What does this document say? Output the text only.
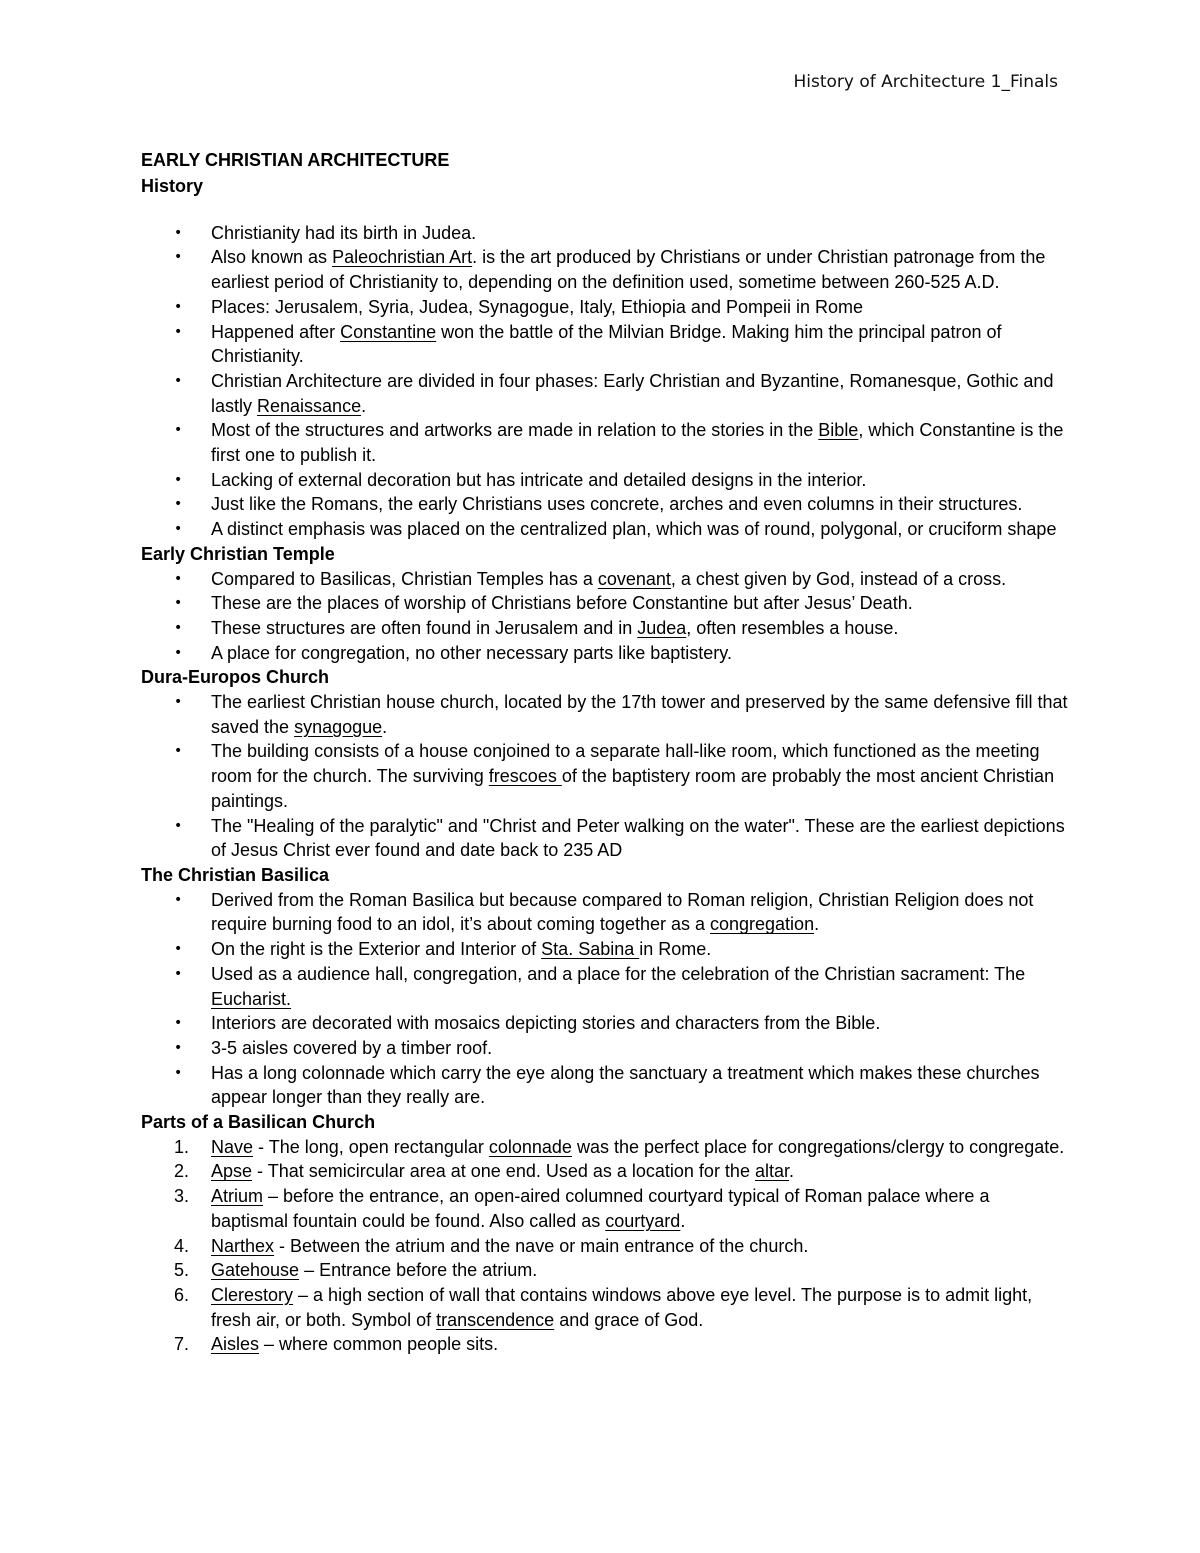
History of Architecture 1_Finals

EARLY CHRISTIAN ARCHITECTURE

History

• Christianity had its birth in Judea.
• Also known as Paleochristian Art. is the art produced by Christians or under Christian patronage from the earliest period of Christianity to, depending on the definition used, sometime between 260-525 A.D.
• Places: Jerusalem, Syria, Judea, Synagogue, Italy, Ethiopia and Pompeii in Rome
• Happened after Constantine won the battle of the Milvian Bridge. Making him the principal patron of Christianity.
• Christian Architecture are divided in four phases: Early Christian and Byzantine, Romanesque, Gothic and lastly Renaissance.
• Most of the structures and artworks are made in relation to the stories in the Bible, which Constantine is the first one to publish it.
• Lacking of external decoration but has intricate and detailed designs in the interior.
• Just like the Romans, the early Christians uses concrete, arches and even columns in their structures.
• A distinct emphasis was placed on the centralized plan, which was of round, polygonal, or cruciform shape

Early Christian Temple

• Compared to Basilicas, Christian Temples has a covenant, a chest given by God, instead of a cross.
• These are the places of worship of Christians before Constantine but after Jesus’ Death.
• These structures are often found in Jerusalem and in Judea, often resembles a house.
• A place for congregation, no other necessary parts like baptistery.

Dura-Europos Church

• The earliest Christian house church, located by the 17th tower and preserved by the same defensive fill that saved the synagogue.
• The building consists of a house conjoined to a separate hall-like room, which functioned as the meeting room for the church. The surviving frescoes of the baptistery room are probably the most ancient Christian paintings.
• The "Healing of the paralytic" and "Christ and Peter walking on the water". These are the earliest depictions of Jesus Christ ever found and date back to 235 AD

The Christian Basilica

• Derived from the Roman Basilica but because compared to Roman religion, Christian Religion does not require burning food to an idol, it’s about coming together as a congregation.
• On the right is the Exterior and Interior of Sta. Sabina in Rome.
• Used as a audience hall, congregation, and a place for the celebration of the Christian sacrament: The Eucharist.
• Interiors are decorated with mosaics depicting stories and characters from the Bible.
• 3-5 aisles covered by a timber roof.
• Has a long colonnade which carry the eye along the sanctuary a treatment which makes these churches appear longer than they really are.

Parts of a Basilican Church

1. Nave - The long, open rectangular colonnade was the perfect place for congregations/clergy to congregate.
2. Apse - That semicircular area at one end. Used as a location for the altar.
3. Atrium – before the entrance, an open-aired columned courtyard typical of Roman palace where a baptismal fountain could be found. Also called as courtyard.
4. Narthex - Between the atrium and the nave or main entrance of the church.
5. Gatehouse – Entrance before the atrium.
6. Clerestory – a high section of wall that contains windows above eye level. The purpose is to admit light, fresh air, or both. Symbol of transcendence and grace of God.
7. Aisles – where common people sits.
